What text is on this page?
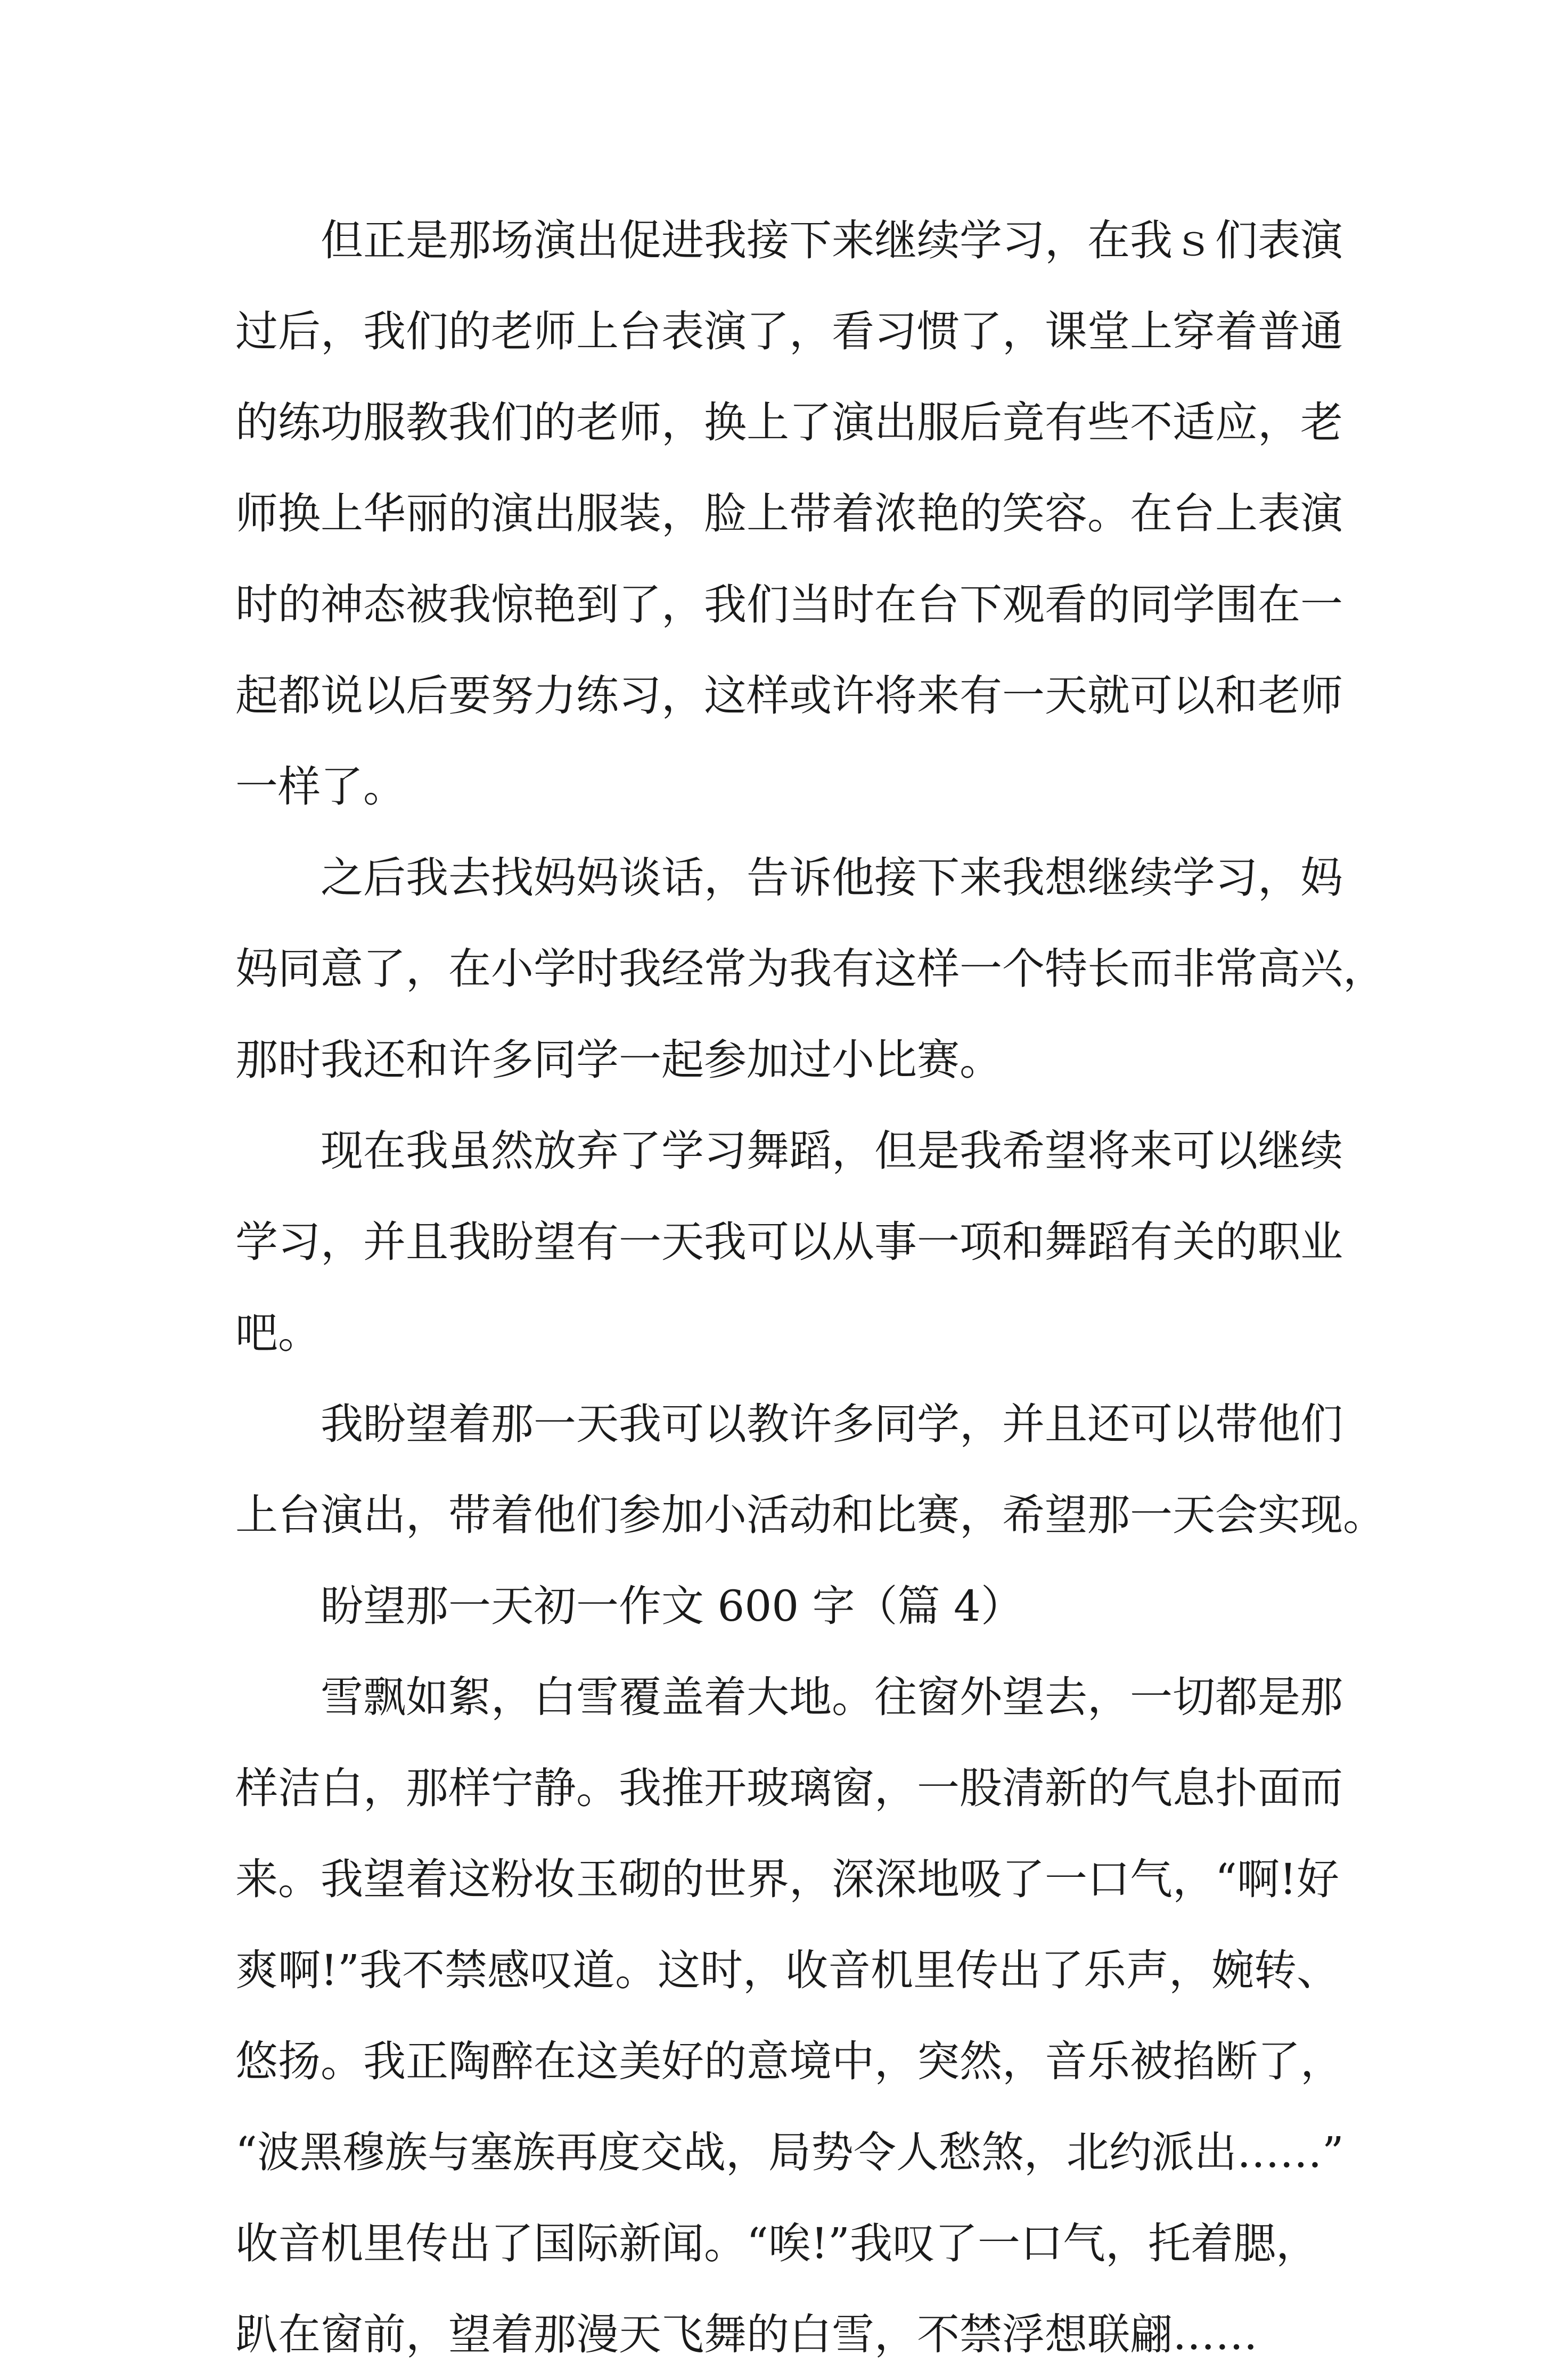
但正是那场演出促进我接下来继续学习，在我ｓ们表演
过后，我们的老师上台表演了，看习惯了，课堂上穿着普通
的练功服教我们的老师，换上了演出服后竟有些不适应，老
师换上华丽的演出服装，脸上带着浓艳的笑容。在台上表演
时的神态被我惊艳到了，我们当时在台下观看的同学围在一
起都说以后要努力练习，这样或许将来有一天就可以和老师
一样了。
之后我去找妈妈谈话，告诉他接下来我想继续学习，妈
妈同意了，在小学时我经常为我有这样一个特长而非常高兴，
那时我还和许多同学一起参加过小比赛。
现在我虽然放弃了学习舞蹈，但是我希望将来可以继续
学习，并且我盼望有一天我可以从事一项和舞蹈有关的职业
吧。
我盼望着那一天我可以教许多同学，并且还可以带他们
上台演出，带着他们参加小活动和比赛，希望那一天会实现。
盼望那一天初一作文 600 字（篇 4）
雪飘如絮，白雪覆盖着大地。往窗外望去，一切都是那
样洁白，那样宁静。我推开玻璃窗，一股清新的气息扑面而
来。我望着这粉妆玉砌的世界，深深地吸了一口气，“啊!好
爽啊!”我不禁感叹道。这时，收音机里传出了乐声，婉转、
悠扬。我正陶醉在这美好的意境中，突然，音乐被掐断了，
“波黑穆族与塞族再度交战，局势令人愁煞，北约派出……”
收音机里传出了国际新闻。“唉!”我叹了一口气，托着腮，
趴在窗前，望着那漫天飞舞的白雪，不禁浮想联翩……
